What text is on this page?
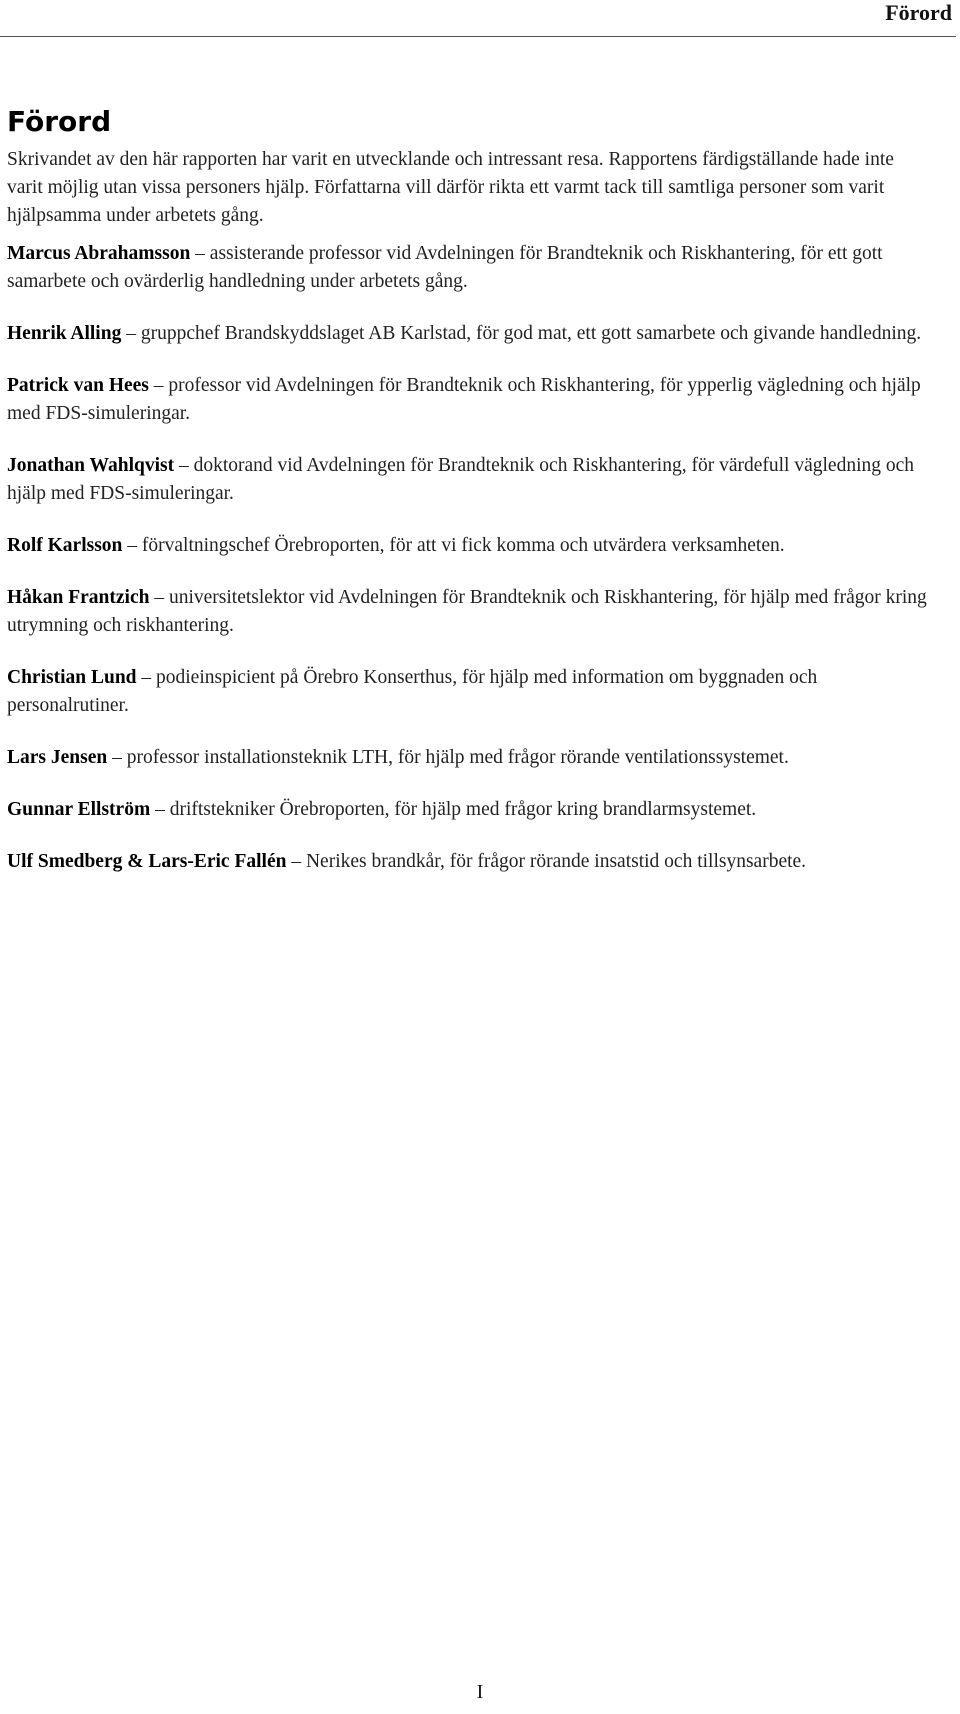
Förord
Förord

Skrivandet av den här rapporten har varit en utvecklande och intressant resa. Rapportens färdigställande hade inte varit möjlig utan vissa personers hjälp. Författarna vill därför rikta ett varmt tack till samtliga personer som varit hjälpsamma under arbetets gång.

Marcus Abrahamsson – assisterande professor vid Avdelningen för Brandteknik och Riskhantering, för ett gott samarbete och ovärderlig handledning under arbetets gång.

Henrik Alling – gruppchef Brandskyddslaget AB Karlstad, för god mat, ett gott samarbete och givande handledning.

Patrick van Hees – professor vid Avdelningen för Brandteknik och Riskhantering, för ypperlig vägledning och hjälp med FDS-simuleringar.

Jonathan Wahlqvist – doktorand vid Avdelningen för Brandteknik och Riskhantering, för värdefull vägledning och hjälp med FDS-simuleringar.

Rolf Karlsson – förvaltningschef Örebroporten, för att vi fick komma och utvärdera verksamheten.

Håkan Frantzich – universitetslektor vid Avdelningen för Brandteknik och Riskhantering, för hjälp med frågor kring utrymning och riskhantering.

Christian Lund – podieinspicient på Örebro Konserthus, för hjälp med information om byggnaden och personalrutiner.

Lars Jensen – professor installationsteknik LTH, för hjälp med frågor rörande ventilationssystemet.

Gunnar Ellström – driftstekniker Örebroporten, för hjälp med frågor kring brandlarmsystemet.

Ulf Smedberg & Lars-Eric Fallén – Nerikes brandkår, för frågor rörande insatstid och tillsynsarbete.

I
